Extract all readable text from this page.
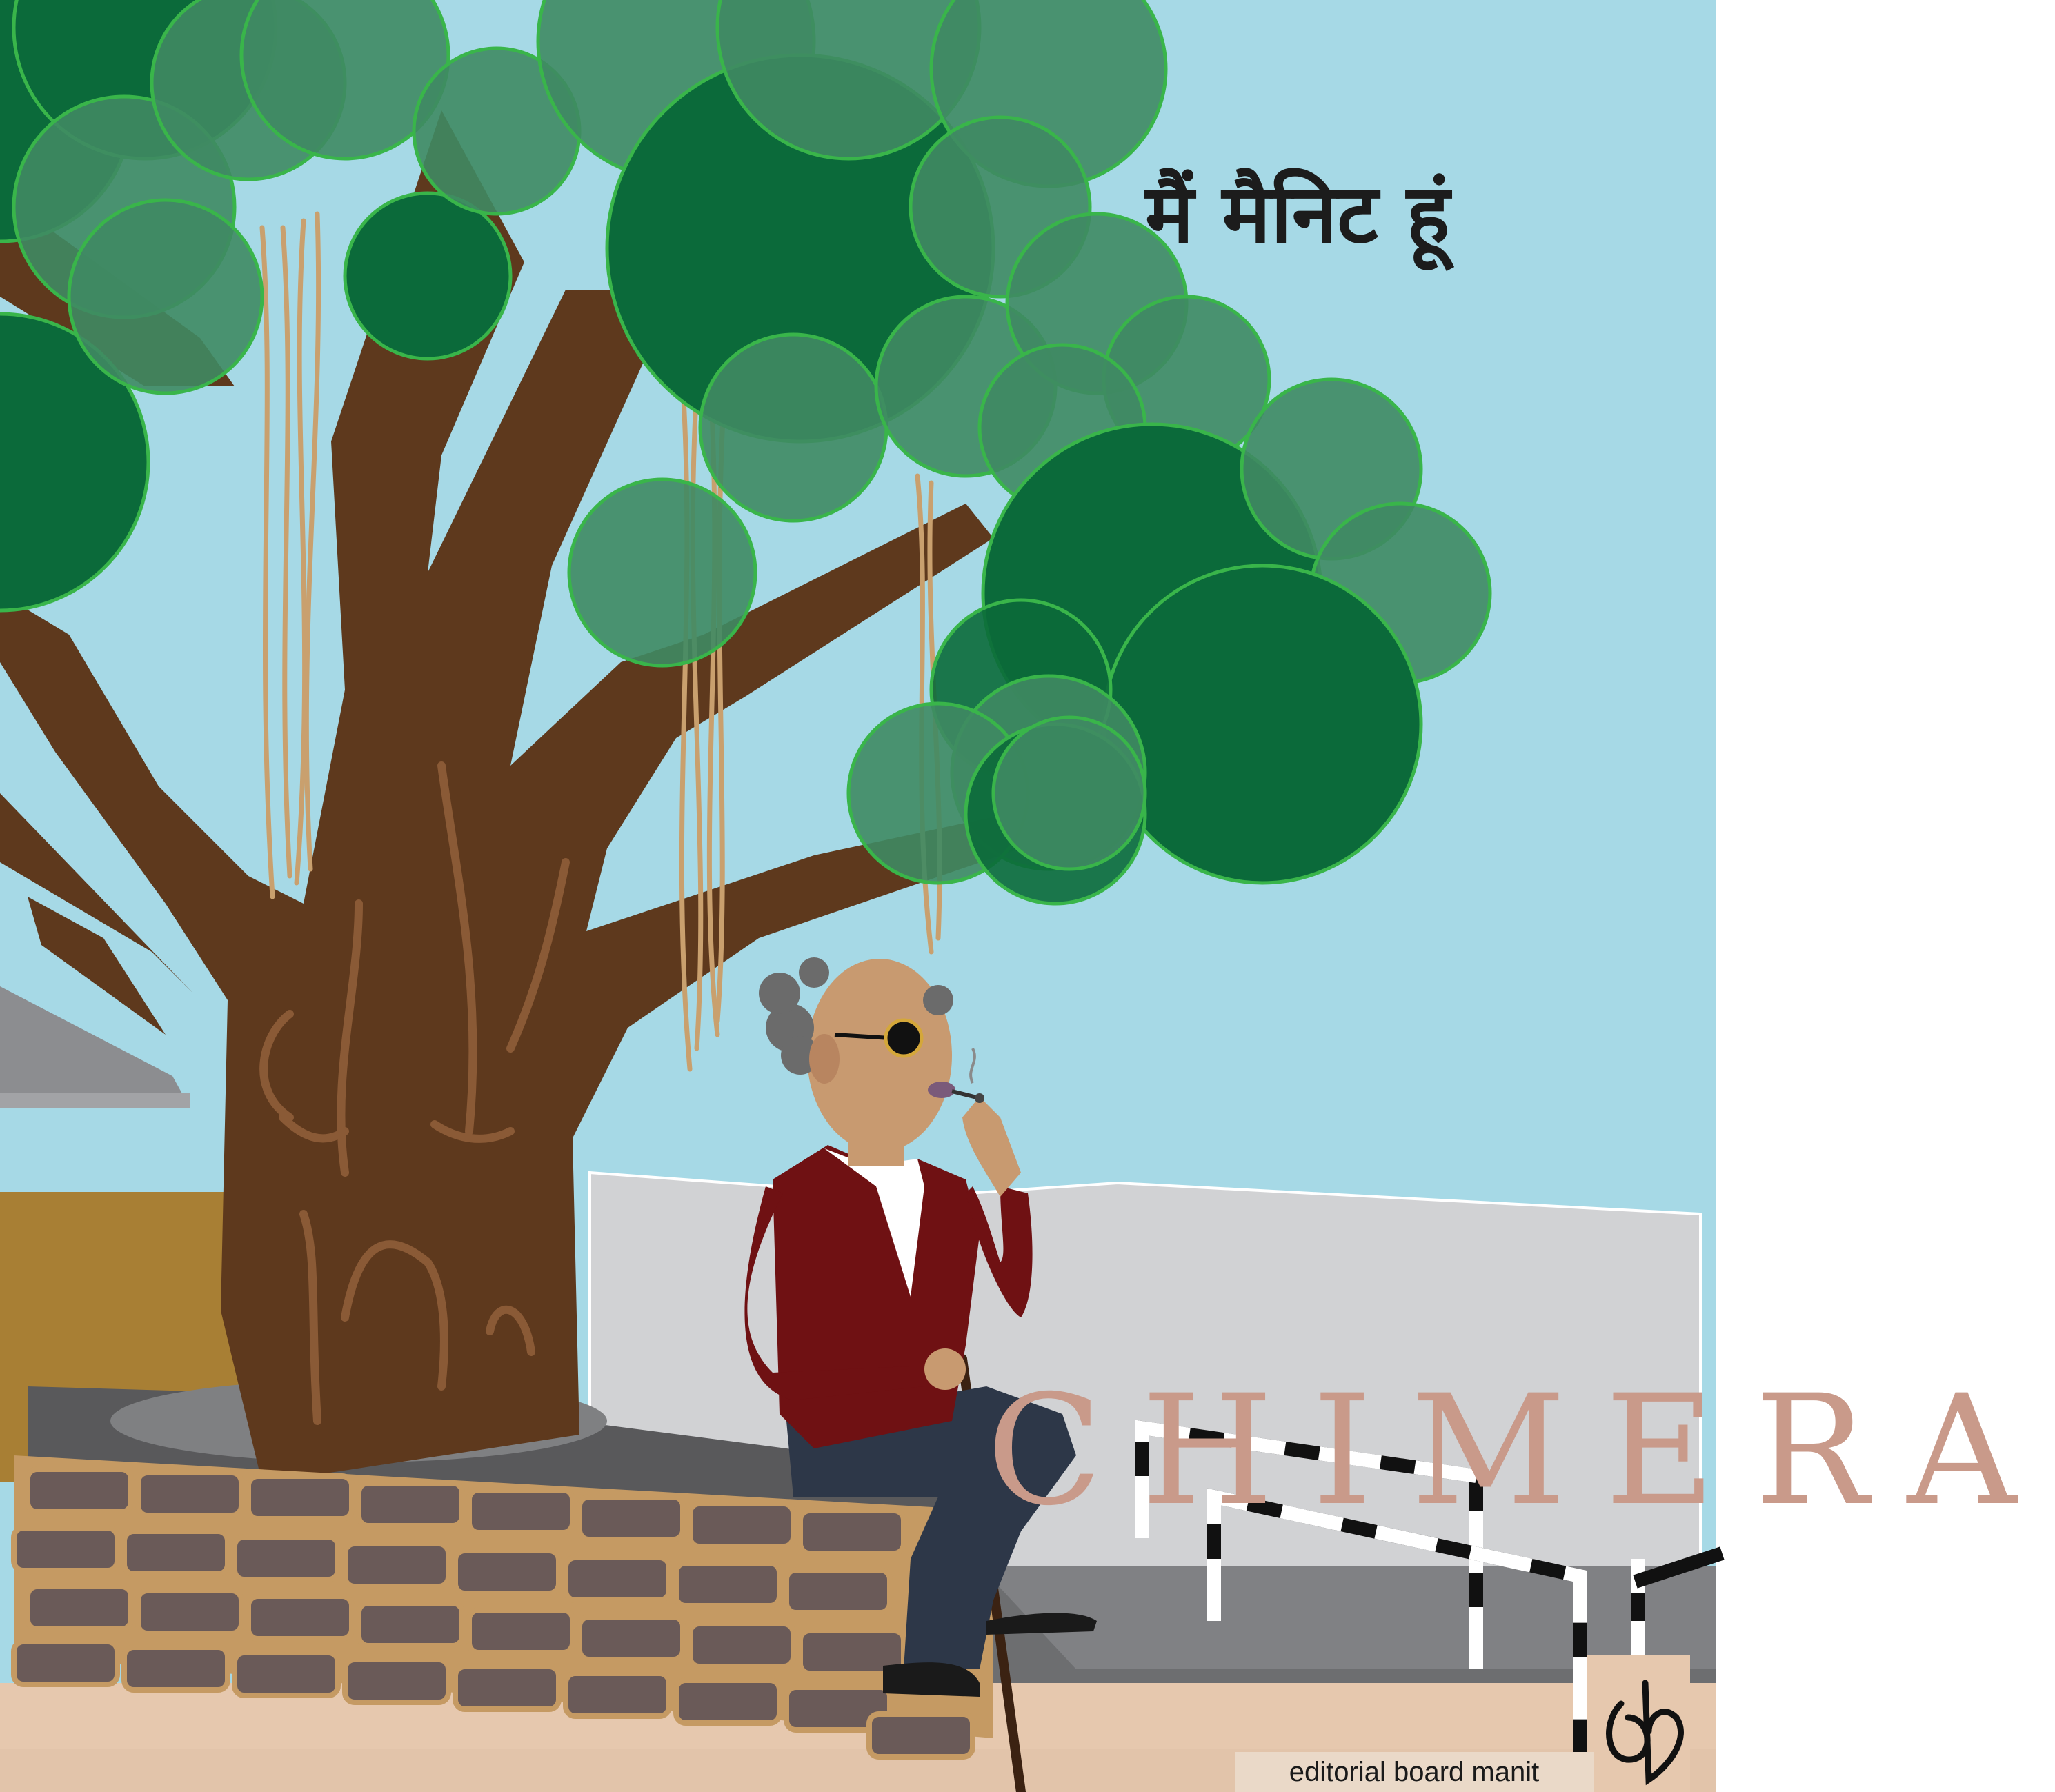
मैं मैनिट हूं
CHIMERA
editorial board manit
